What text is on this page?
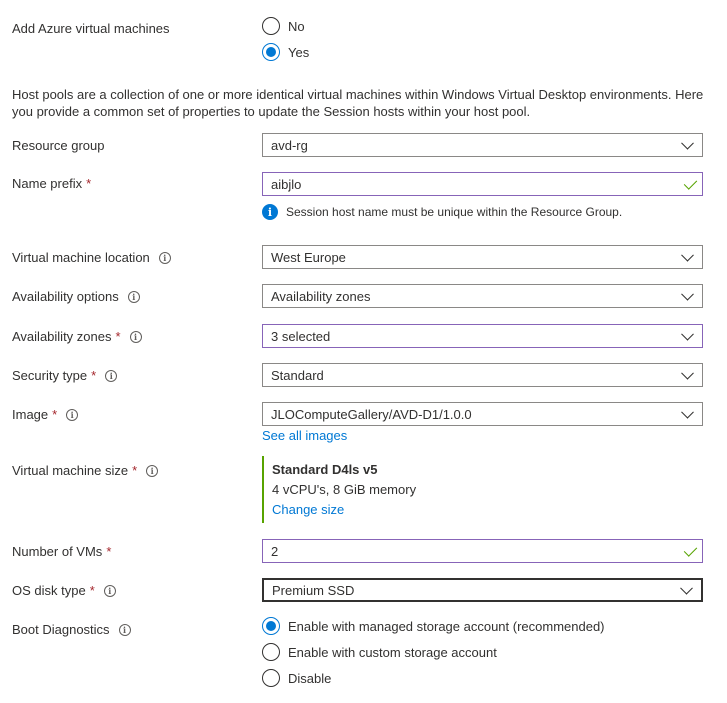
Add Azure virtual machines	No
Yes
Host pools are a collection of one or more identical virtual machines within Windows Virtual Desktop environments. Here you provide a common set of properties to update the Session hosts within your host pool.
Resource group	avd-rg
Name prefix *	aibjlo
i	Session host name must be unique within the Resource Group.
Virtual machine location	i	West Europe
Availability options	i	Availability zones
Availability zones *	i	3 selected
Security type *	i	Standard
Image *	i	JLOComputeGallery/AVD-D1/1.0.0
See all images
Virtual machine size *	i	Standard D4ls v5
4 vCPU's, 8 GiB memory
Change size
Number of VMs *	2
OS disk type *	i	Premium SSD
Boot Diagnostics	i	Enable with managed storage account (recommended)
Enable with custom storage account
Disable
